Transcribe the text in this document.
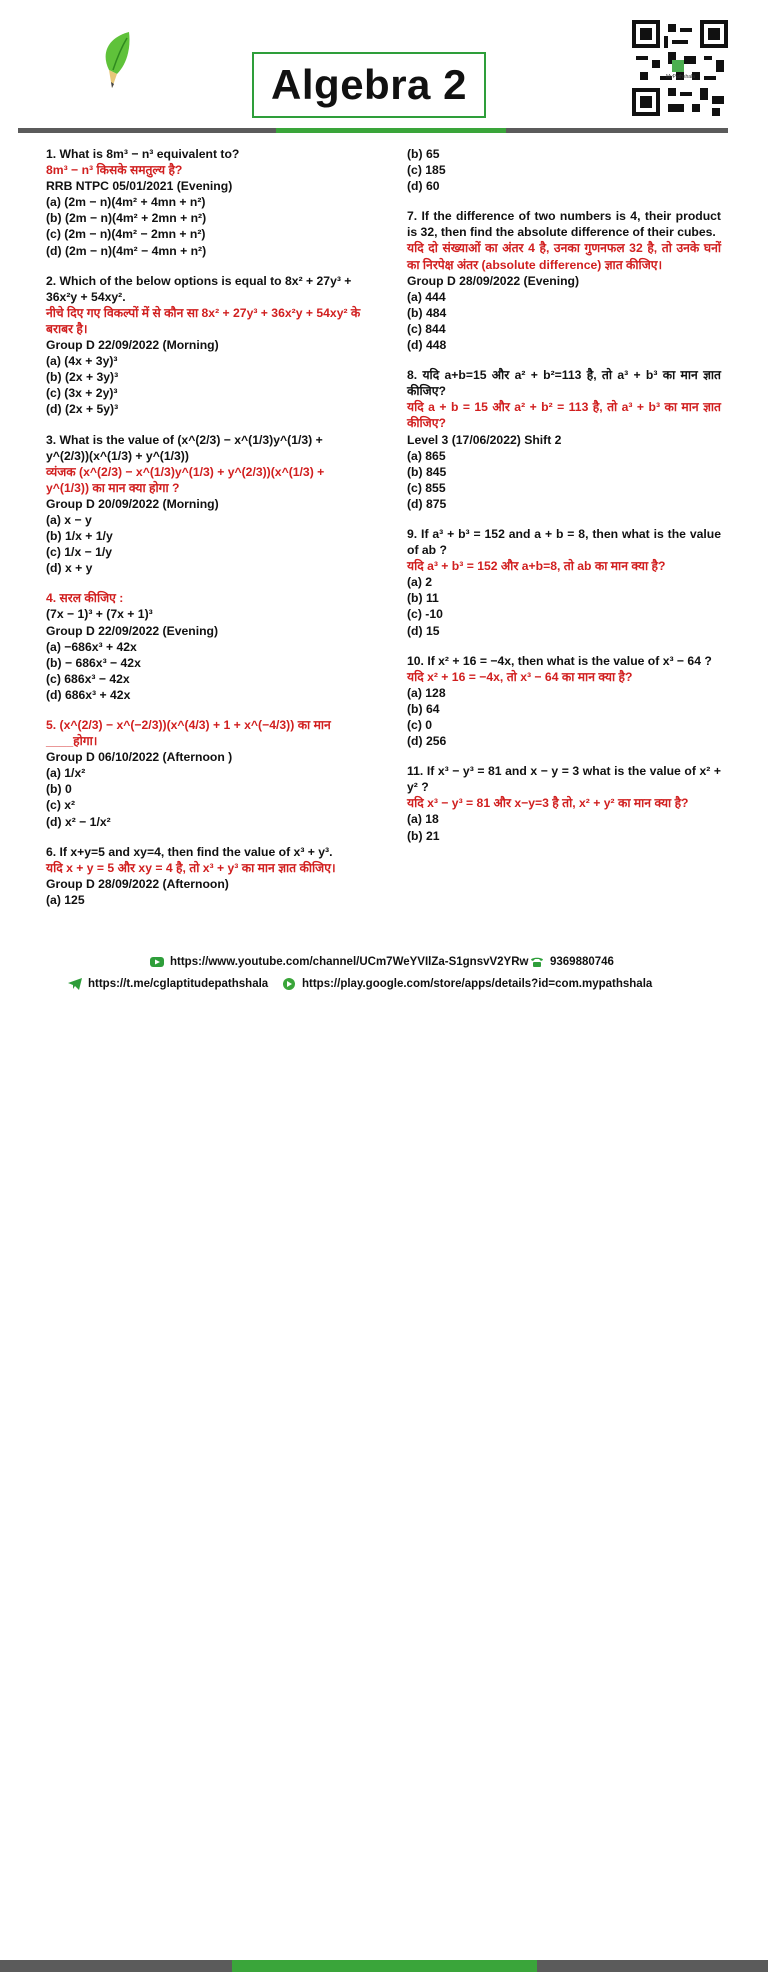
Algebra 2	MyPathshala

1. What is 8m³ − n³ equivalent to?

8m³ − n³ किसके समतुल्य है?

RRB NTPC 05/01/2021 (Evening)

(a) (2m − n)(4m² + 4mn + n²)

(b) (2m − n)(4m² + 2mn + n²)

(c) (2m − n)(4m² − 2mn + n²)

(d) (2m − n)(4m² − 4mn + n²)

2. Which of the below options is equal to 8x² + 27y³ + 36x²y + 54xy².

नीचे दिए गए विकल्पों में से कौन सा 8x² + 27y³ + 36x²y + 54xy² के बराबर है।

Group D 22/09/2022 (Morning)

(a) (4x + 3y)³

(b) (2x + 3y)³

(c) (3x + 2y)³

(d) (2x + 5y)³

3. What is the value of (x^(2/3) − x^(1/3)y^(1/3) + y^(2/3))(x^(1/3) + y^(1/3))

व्यंजक (x^(2/3) − x^(1/3)y^(1/3) + y^(2/3))(x^(1/3) + y^(1/3)) का मान क्या होगा ?

Group D 20/09/2022 (Morning)

(a) x − y

(b) 1/x + 1/y

(c) 1/x − 1/y

(d) x + y

4. सरल कीजिए :

(7x − 1)³ + (7x + 1)³

Group D 22/09/2022 (Evening)

(a) −686x³ + 42x

(b) − 686x³ − 42x

(c) 686x³ − 42x

(d) 686x³ + 42x

5. (x^(2/3) − x^(−2/3))(x^(4/3) + 1 + x^(−4/3)) का मान ____होगा।

Group D 06/10/2022 (Afternoon )

(a) 1/x²

(b) 0

(c) x²

(d) x² − 1/x²

6. If x+y=5 and xy=4, then find the value of x³ + y³.

यदि x + y = 5 और xy = 4 है, तो x³ + y³ का मान ज्ञात कीजिए।

Group D 28/09/2022 (Afternoon)

(a) 125

(b) 65

(c) 185

(d) 60

7. If the difference of two numbers is 4, their product is 32, then find the absolute difference of their cubes.

यदि दो संख्याओं का अंतर 4 है, उनका गुणनफल 32 है, तो उनके घनों का निरपेक्ष अंतर (absolute difference) ज्ञात कीजिए।

Group D 28/09/2022 (Evening)

(a) 444

(b) 484

(c) 844

(d) 448

8. यदि a+b=15 और a² + b²=113 है, तो a³ + b³ का मान ज्ञात कीजिए?

यदि a + b = 15 और a² + b² = 113 है, तो a³ + b³ का मान ज्ञात कीजिए?

Level 3 (17/06/2022) Shift 2

(a) 865

(b) 845

(c) 855

(d) 875

9. If a³ + b³ = 152 and a + b = 8, then what is the value of ab ?

यदि a³ + b³ = 152 और a+b=8, तो ab का मान क्या है?

(a) 2

(b) 11

(c) -10

(d) 15

10. If x² + 16 = −4x, then what is the value of x³ − 64 ?

यदि x² + 16 = −4x, तो x³ − 64 का मान क्या है?

(a) 128

(b) 64

(c) 0

(d) 256

11. If x³ − y³ = 81 and x − y = 3 what is the value of x² + y² ?

यदि x³ − y³ = 81 और x−y=3 है तो, x² + y² का मान क्या है?

(a) 18

(b) 21

https://www.youtube.com/channel/UCm7WeYVIlZa-S1gnsvV2YRw 9369880746
https://t.me/cglaptitudepathshala	https://play.google.com/store/apps/details?id=com.mypathshala
